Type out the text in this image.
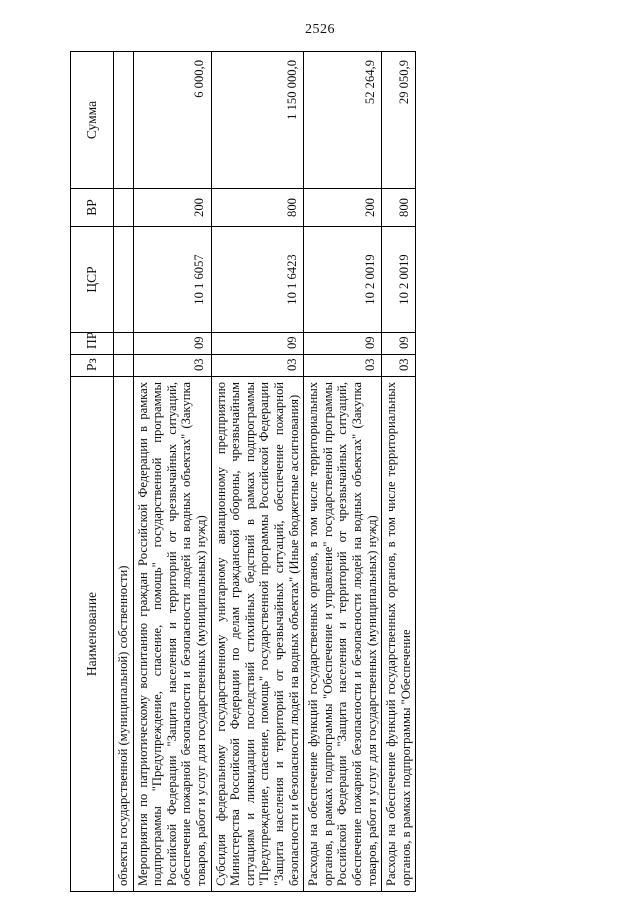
2526
Наименование	Рз	ПР	ЦСР	ВР	Сумма
объекты государственной (муниципальной) собственности)					
Мероприятия по патриотическому воспитанию граждан Российской Федерации в рамках подпрограммы "Предупреждение, спасение, помощь" государственной программы Российской Федерации "Защита населения и территорий от чрезвычайных ситуаций, обеспечение пожарной безопасности и безопасности людей на водных объектах" (Закупка товаров, работ и услуг для государственных (муниципальных) нужд)	03	09	10 1 6057	200	6 000,0
Субсидия федеральному государственному унитарному авиационному предприятию Министерства Российской Федерации по делам гражданской обороны, чрезвычайным ситуациям и ликвидации последствий стихийных бедствий в рамках подпрограммы "Предупреждение, спасение, помощь" государственной программы Российской Федерации "Защита населения и территорий от чрезвычайных ситуаций, обеспечение пожарной безопасности и безопасности людей на водных объектах" (Иные бюджетные ассигнования)	03	09	10 1 6423	800	1 150 000,0
Расходы на обеспечение функций государственных органов, в том числе территориальных органов, в рамках подпрограммы "Обеспечение и управление" государственной программы Российской Федерации "Защита населения и территорий от чрезвычайных ситуаций, обеспечение пожарной безопасности и безопасности людей на водных объектах" (Закупка товаров, работ и услуг для государственных (муниципальных) нужд)	03	09	10 2 0019	200	52 264,9
Расходы на обеспечение функций государственных органов, в том числе территориальных органов, в рамках подпрограммы "Обеспечение	03	09	10 2 0019	800	29 050,9
